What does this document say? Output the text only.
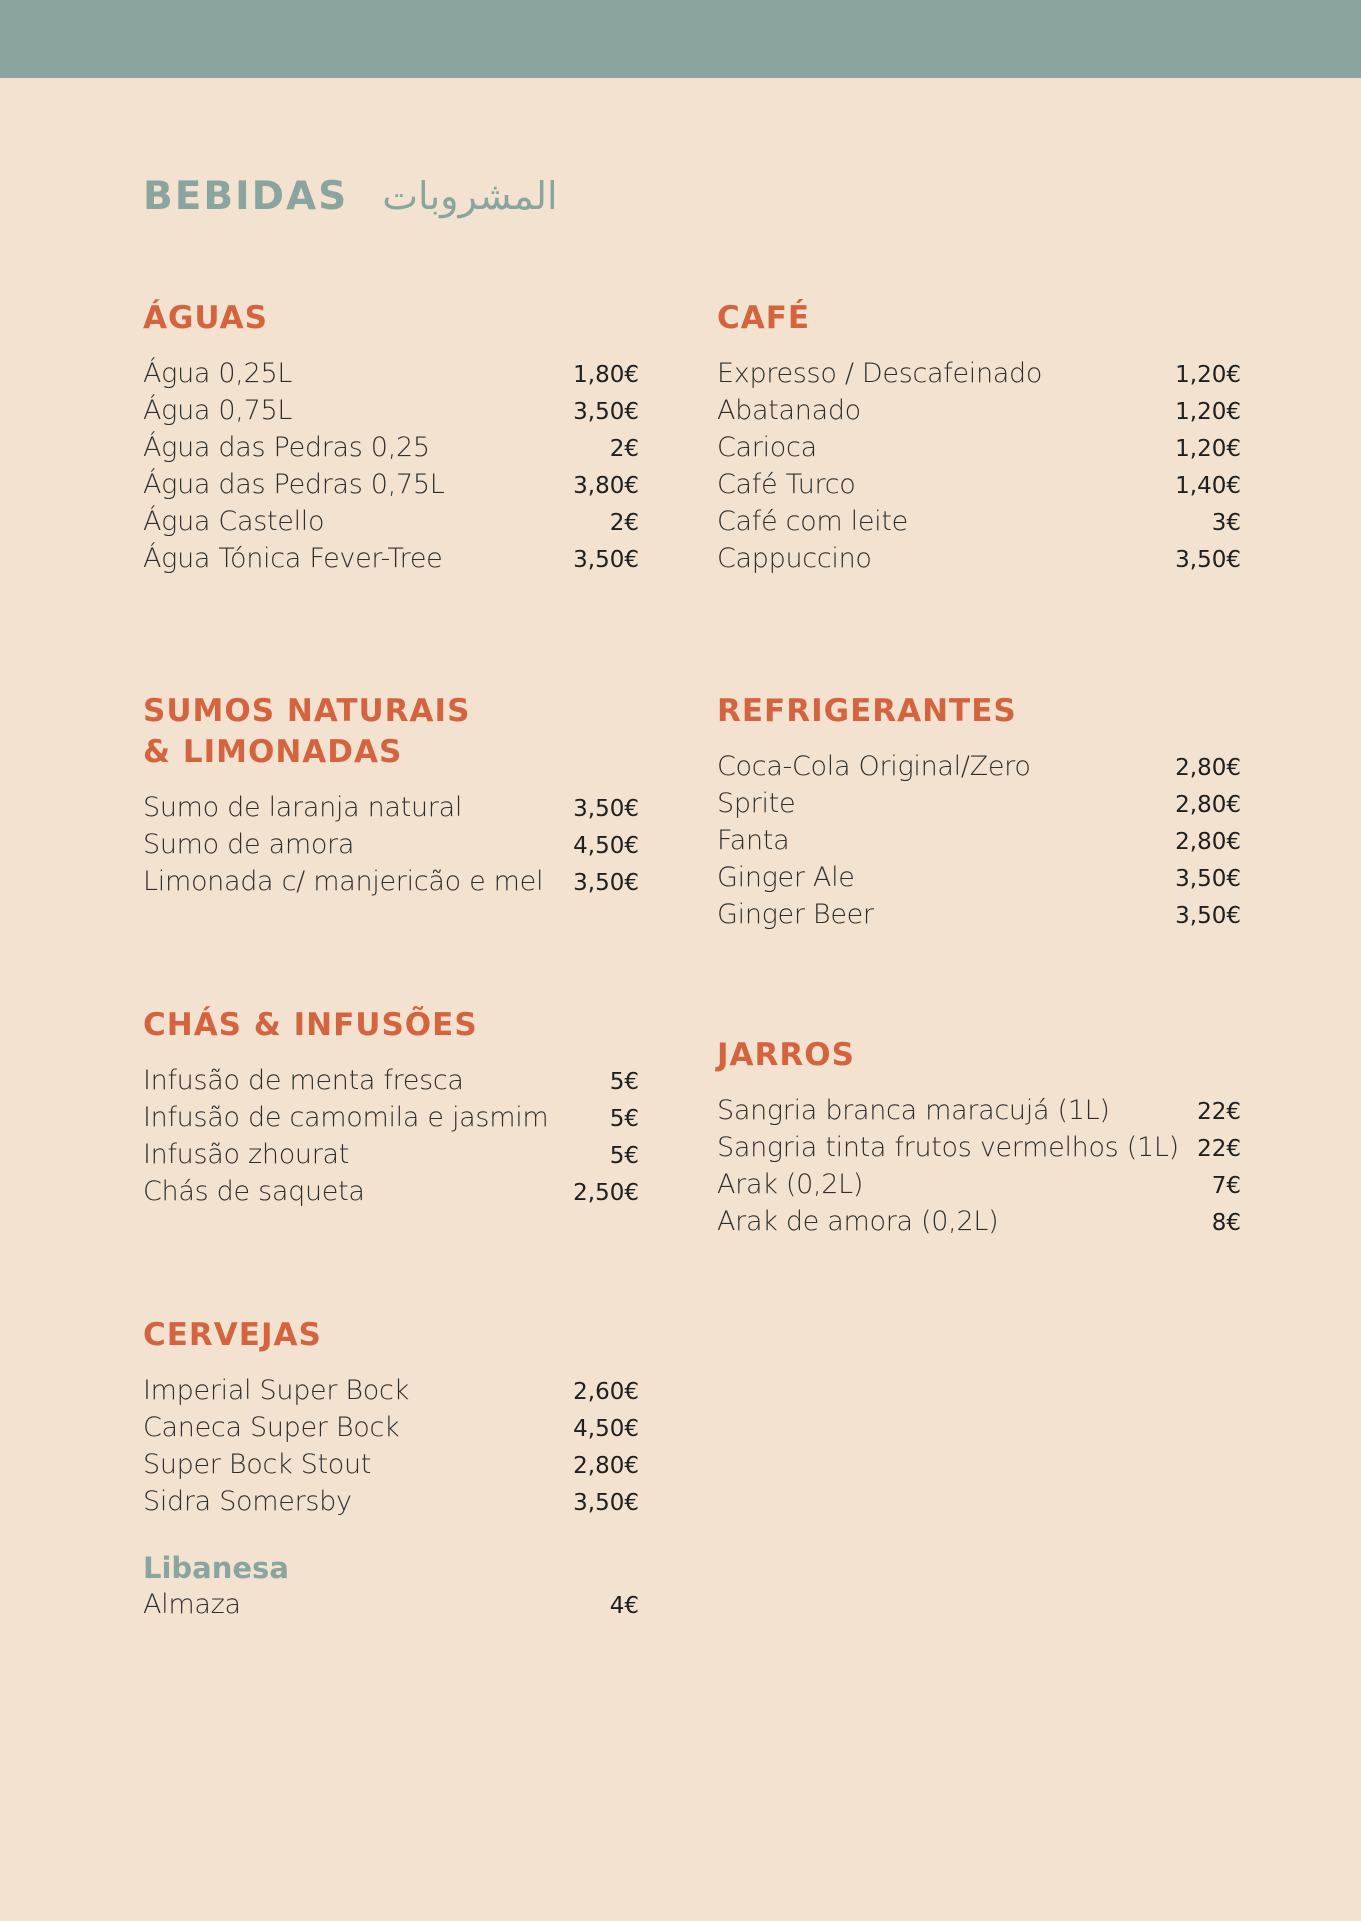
BEBIDAS المشروبات
ÁGUAS
Água 0,25L	1,80€
Água 0,75L	3,50€
Água das Pedras 0,25	2€
Água das Pedras 0,75L	3,80€
Água Castello	2€
Água Tónica Fever-Tree	3,50€
CAFÉ
Expresso / Descafeinado	1,20€
Abatanado	1,20€
Carioca	1,20€
Café Turco	1,40€
Café com leite	3€
Cappuccino	3,50€
SUMOS NATURAIS
& LIMONADAS
Sumo de laranja natural	3,50€
Sumo de amora	4,50€
Limonada c/ manjericão e mel 3,50€
REFRIGERANTES
Coca-Cola Original/Zero	2,80€
Sprite	2,80€
Fanta	2,80€
Ginger Ale	3,50€
Ginger Beer	3,50€
CHÁS & INFUSÕES
Infusão de menta fresca	5€
Infusão de camomila e jasmim	5€
Infusão zhourat	5€
Chás de saqueta	2,50€
JARROS
Sangria branca maracujá (1L)	22€
Sangria tinta frutos vermelhos (1L) 22€
Arak (0,2L)	7€
Arak de amora (0,2L)	8€
CERVEJAS
Imperial Super Bock	2,60€
Caneca Super Bock	4,50€
Super Bock Stout	2,80€
Sidra Somersby	3,50€
Libanesa
Almaza	4€
